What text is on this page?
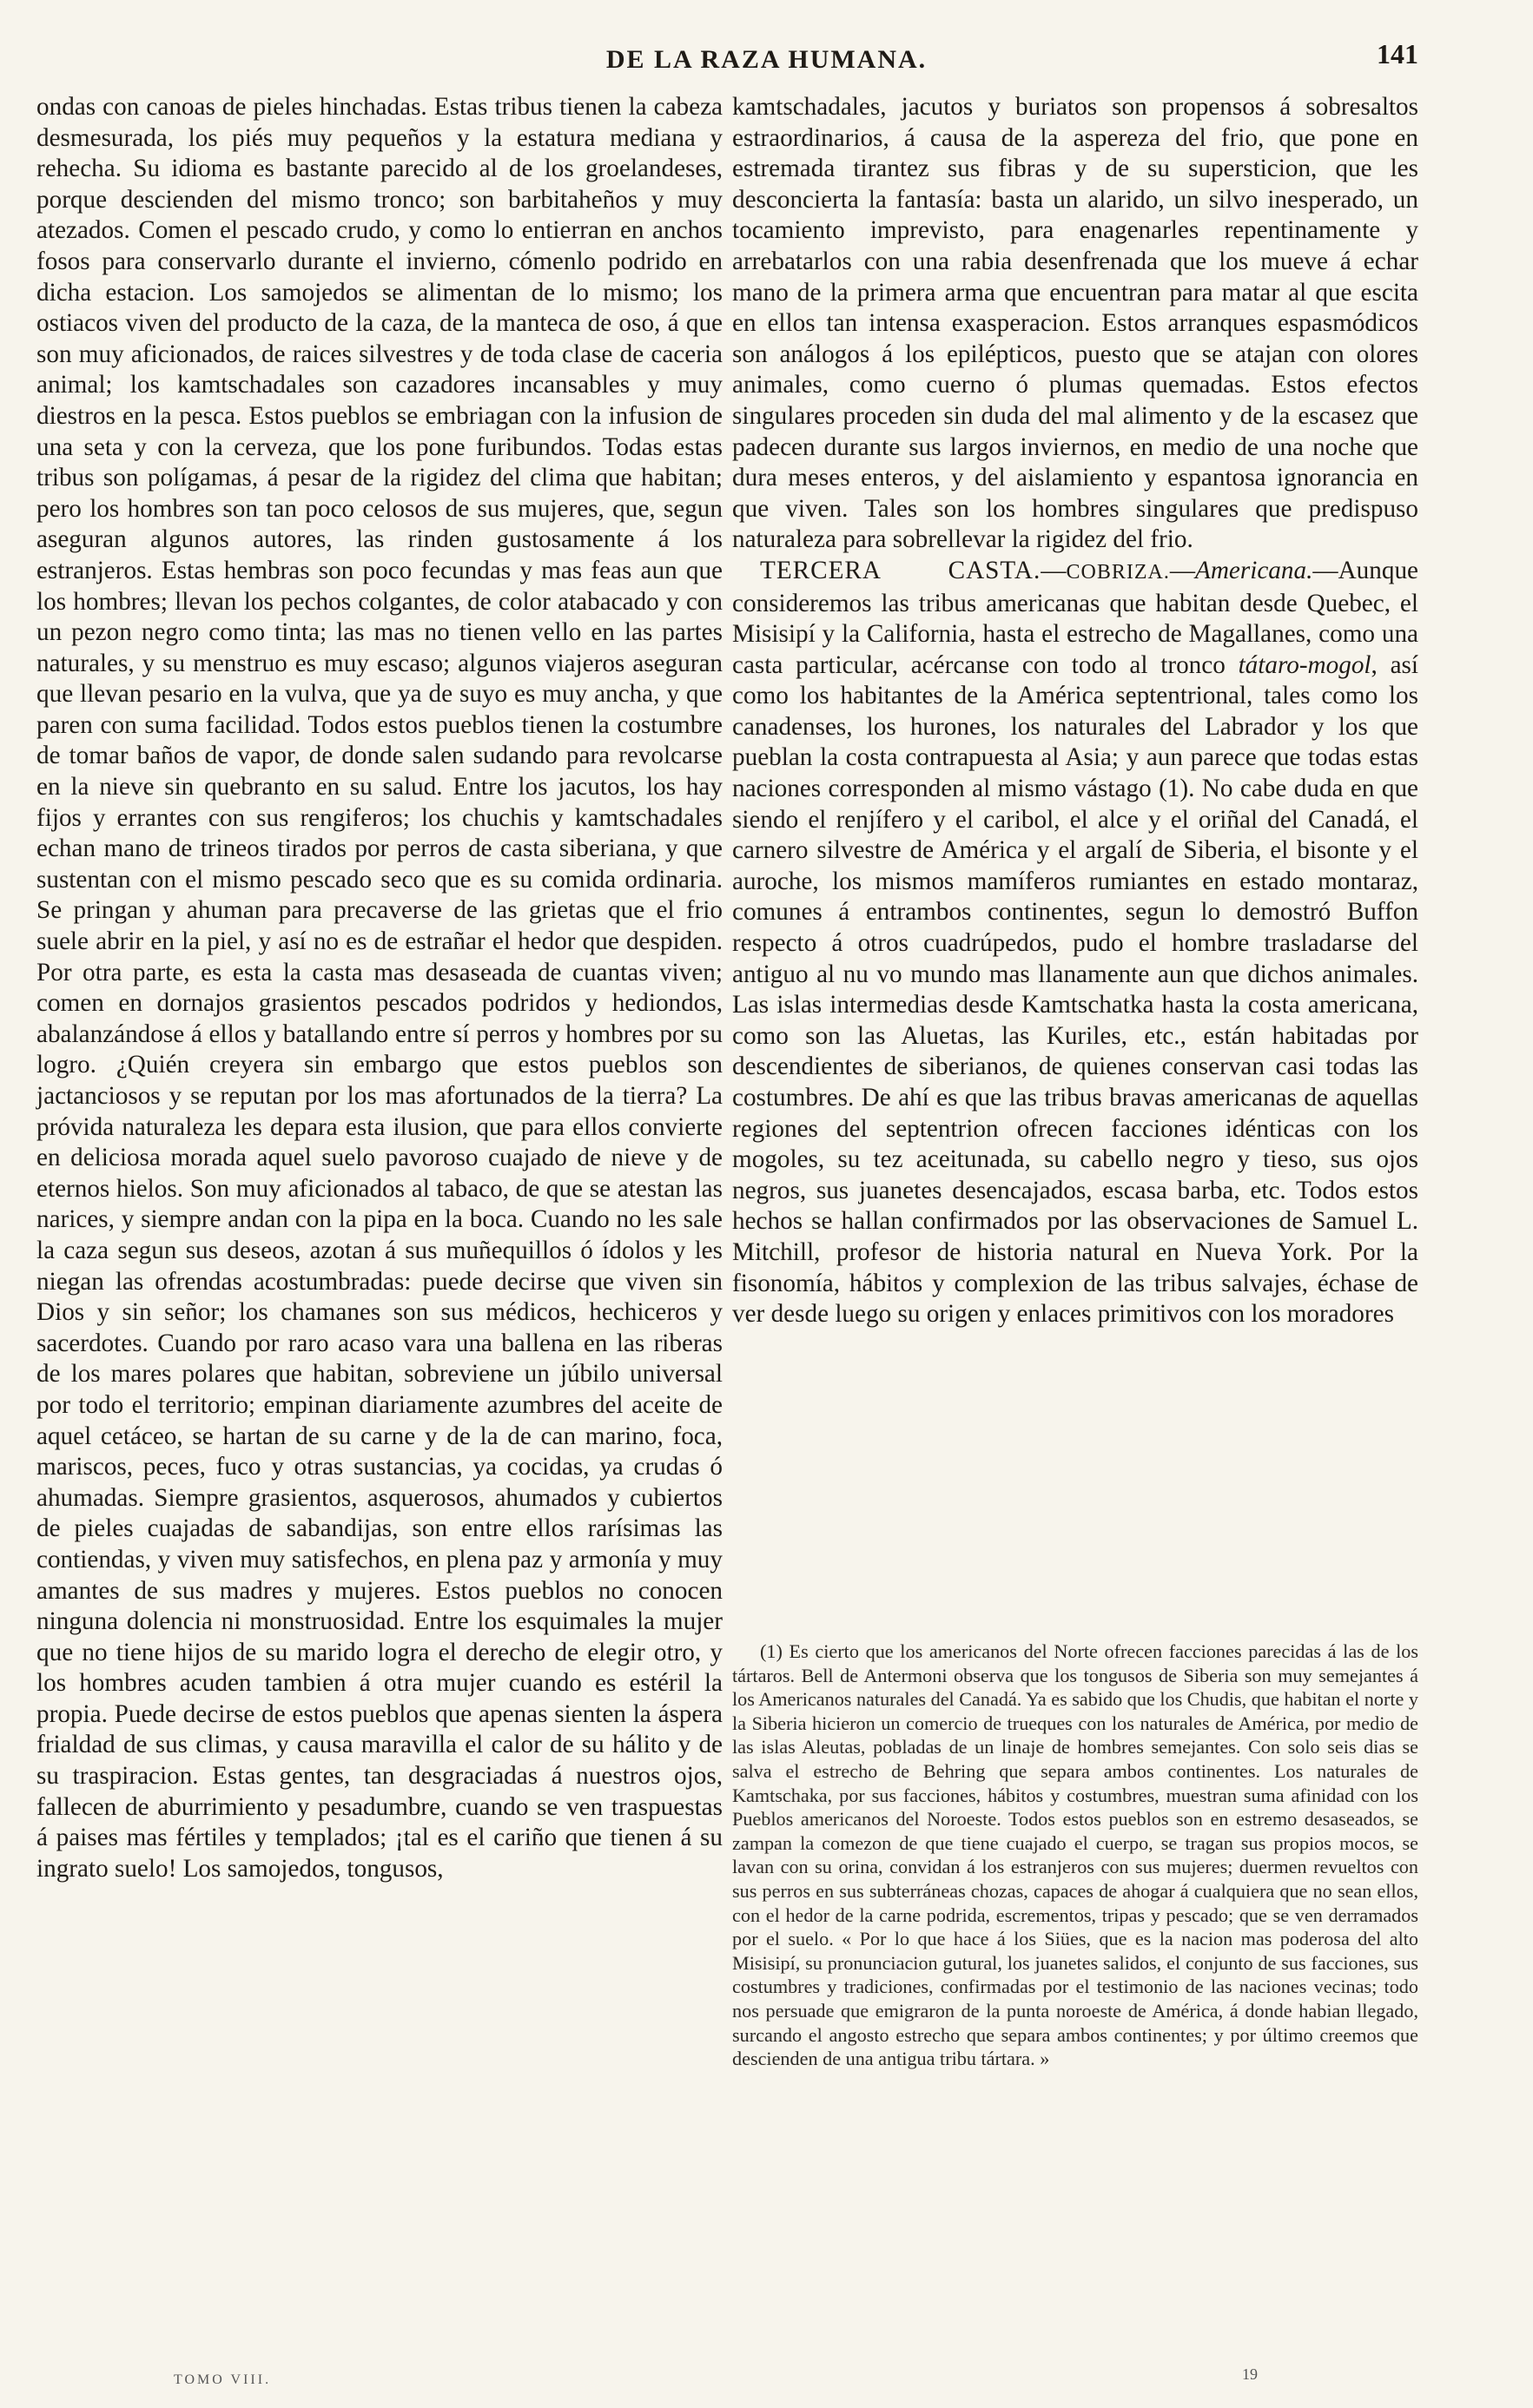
DE LA RAZA HUMANA.	141

ondas con canoas de pieles hinchadas. Estas tribus tienen la cabeza desmesurada, los piés muy pequeños y la estatura mediana y rehecha. Su idioma es bastante parecido al de los groelandeses, porque descienden del mismo tronco; son barbitaheños y muy atezados. Comen el pescado crudo, y como lo entierran en anchos fosos para conservarlo durante el invierno, cómenlo podrido en dicha estacion. Los samojedos se alimentan de lo mismo; los ostiacos viven del producto de la caza, de la manteca de oso, á que son muy aficionados, de raices silvestres y de toda clase de caceria animal; los kamtschadales son cazadores incansables y muy diestros en la pesca. Estos pueblos se embriagan con la infusion de una seta y con la cerveza, que los pone furibundos. Todas estas tribus son polígamas, á pesar de la rigidez del clima que habitan; pero los hombres son tan poco celosos de sus mujeres, que, segun aseguran algunos autores, las rinden gustosamente á los estranjeros. Estas hembras son poco fecundas y mas feas aun que los hombres; llevan los pechos colgantes, de color atabacado y con un pezon negro como tinta; las mas no tienen vello en las partes naturales, y su menstruo es muy escaso; algunos viajeros aseguran que llevan pesario en la vulva, que ya de suyo es muy ancha, y que paren con suma facilidad. Todos estos pueblos tienen la costumbre de tomar baños de vapor, de donde salen sudando para revolcarse en la nieve sin quebranto en su salud. Entre los jacutos, los hay fijos y errantes con sus rengiferos; los chuchis y kamtschadales echan mano de trineos tirados por perros de casta siberiana, y que sustentan con el mismo pescado seco que es su comida ordinaria. Se pringan y ahuman para precaverse de las grietas que el frio suele abrir en la piel, y así no es de estrañar el hedor que despiden. Por otra parte, es esta la casta mas desaseada de cuantas viven; comen en dornajos grasientos pescados podridos y hediondos, abalanzándose á ellos y batallando entre sí perros y hombres por su logro. ¿Quién creyera sin embargo que estos pueblos son jactanciosos y se reputan por los mas afortunados de la tierra? La próvida naturaleza les depara esta ilusion, que para ellos convierte en deliciosa morada aquel suelo pavoroso cuajado de nieve y de eternos hielos. Son muy aficionados al tabaco, de que se atestan las narices, y siempre andan con la pipa en la boca. Cuando no les sale la caza segun sus deseos, azotan á sus muñequillos ó ídolos y les niegan las ofrendas acostumbradas: puede decirse que viven sin Dios y sin señor; los chamanes son sus médicos, hechiceros y sacerdotes. Cuando por raro acaso vara una ballena en las riberas de los mares polares que habitan, sobreviene un júbilo universal por todo el territorio; empinan diariamente azumbres del aceite de aquel cetáceo, se hartan de su carne y de la de can marino, foca, mariscos, peces, fuco y otras sustancias, ya cocidas, ya crudas ó ahumadas. Siempre grasientos, asquerosos, ahumados y cubiertos de pieles cuajadas de sabandijas, son entre ellos rarísimas las contiendas, y viven muy satisfechos, en plena paz y armonía y muy amantes de sus madres y mujeres. Estos pueblos no conocen ninguna dolencia ni monstruosidad. Entre los esquimales la mujer que no tiene hijos de su marido logra el derecho de elegir otro, y los hombres acuden tambien á otra mujer cuando es estéril la propia. Puede decirse de estos pueblos que apenas sienten la áspera frialdad de sus climas, y causa maravilla el calor de su hálito y de su traspiracion. Estas gentes, tan desgraciadas á nuestros ojos, fallecen de aburrimiento y pesadumbre, cuando se ven traspuestas á paises mas fértiles y templados; ¡tal es el cariño que tienen á su ingrato suelo! Los samojedos, tongusos,

kamtschadales, jacutos y buriatos son propensos á sobresaltos estraordinarios, á causa de la aspereza del frio, que pone en estremada tirantez sus fibras y de su supersticion, que les desconcierta la fantasía: basta un alarido, un silvo inesperado, un tocamiento imprevisto, para enagenarles repentinamente y arrebatarlos con una rabia desenfrenada que los mueve á echar mano de la primera arma que encuentran para matar al que escita en ellos tan intensa exasperacion. Estos arranques espasmódicos son análogos á los epilépticos, puesto que se atajan con olores animales, como cuerno ó plumas quemadas. Estos efectos singulares proceden sin duda del mal alimento y de la escasez que padecen durante sus largos inviernos, en medio de una noche que dura meses enteros, y del aislamiento y espantosa ignorancia en que viven. Tales son los hombres singulares que predispuso naturaleza para sobrellevar la rigidez del frio.

TERCERA CASTA.—COBRIZA.—Americana.—Aunque consideremos las tribus americanas que habitan desde Quebec, el Misisipí y la California, hasta el estrecho de Magallanes, como una casta particular, acércanse con todo al tronco tátaro-mogol, así como los habitantes de la América septentrional, tales como los canadenses, los hurones, los naturales del Labrador y los que pueblan la costa contrapuesta al Asia; y aun parece que todas estas naciones corresponden al mismo vástago (1). No cabe duda en que siendo el renjífero y el caribol, el alce y el oriñal del Canadá, el carnero silvestre de América y el argalí de Siberia, el bisonte y el auroche, los mismos mamíferos rumiantes en estado montaraz, comunes á entrambos continentes, segun lo demostró Buffon respecto á otros cuadrúpedos, pudo el hombre trasladarse del antiguo al nu vo mundo mas llanamente aun que dichos animales. Las islas intermedias desde Kamtschatka hasta la costa americana, como son las Aluetas, las Kuriles, etc., están habitadas por descendientes de siberianos, de quienes conservan casi todas las costumbres. De ahí es que las tribus bravas americanas de aquellas regiones del septentrion ofrecen facciones idénticas con los mogoles, su tez aceitunada, su cabello negro y tieso, sus ojos negros, sus juanetes desencajados, escasa barba, etc. Todos estos hechos se hallan confirmados por las observaciones de Samuel L. Mitchill, profesor de historia natural en Nueva York. Por la fisonomía, hábitos y complexion de las tribus salvajes, échase de ver desde luego su origen y enlaces primitivos con los moradores

(1) Es cierto que los americanos del Norte ofrecen facciones parecidas á las de los tártaros. Bell de Antermoni observa que los tongusos de Siberia son muy semejantes á los Americanos naturales del Canadá. Ya es sabido que los Chudis, que habitan el norte y la Siberia hicieron un comercio de trueques con los naturales de América, por medio de las islas Aleutas, pobladas de un linaje de hombres semejantes. Con solo seis dias se salva el estrecho de Behring que separa ambos continentes. Los naturales de Kamtschaka, por sus facciones, hábitos y costumbres, muestran suma afinidad con los Pueblos americanos del Noroeste. Todos estos pueblos son en estremo desaseados, se zampan la comezon de que tiene cuajado el cuerpo, se tragan sus propios mocos, se lavan con su orina, convidan á los estranjeros con sus mujeres; duermen revueltos con sus perros en sus subterráneas chozas, capaces de ahogar á cualquiera que no sean ellos, con el hedor de la carne podrida, escrementos, tripas y pescado; que se ven derramados por el suelo. « Por lo que hace á los Siües, que es la nacion mas poderosa del alto Misisipí, su pronunciacion gutural, los juanetes salidos, el conjunto de sus facciones, sus costumbres y tradiciones, confirmadas por el testimonio de las naciones vecinas; todo nos persuade que emigraron de la punta noroeste de América, á donde habian llegado, surcando el angosto estrecho que separa ambos continentes; y por último creemos que descienden de una antigua tribu tártara. »

TOMO VIII.	19
